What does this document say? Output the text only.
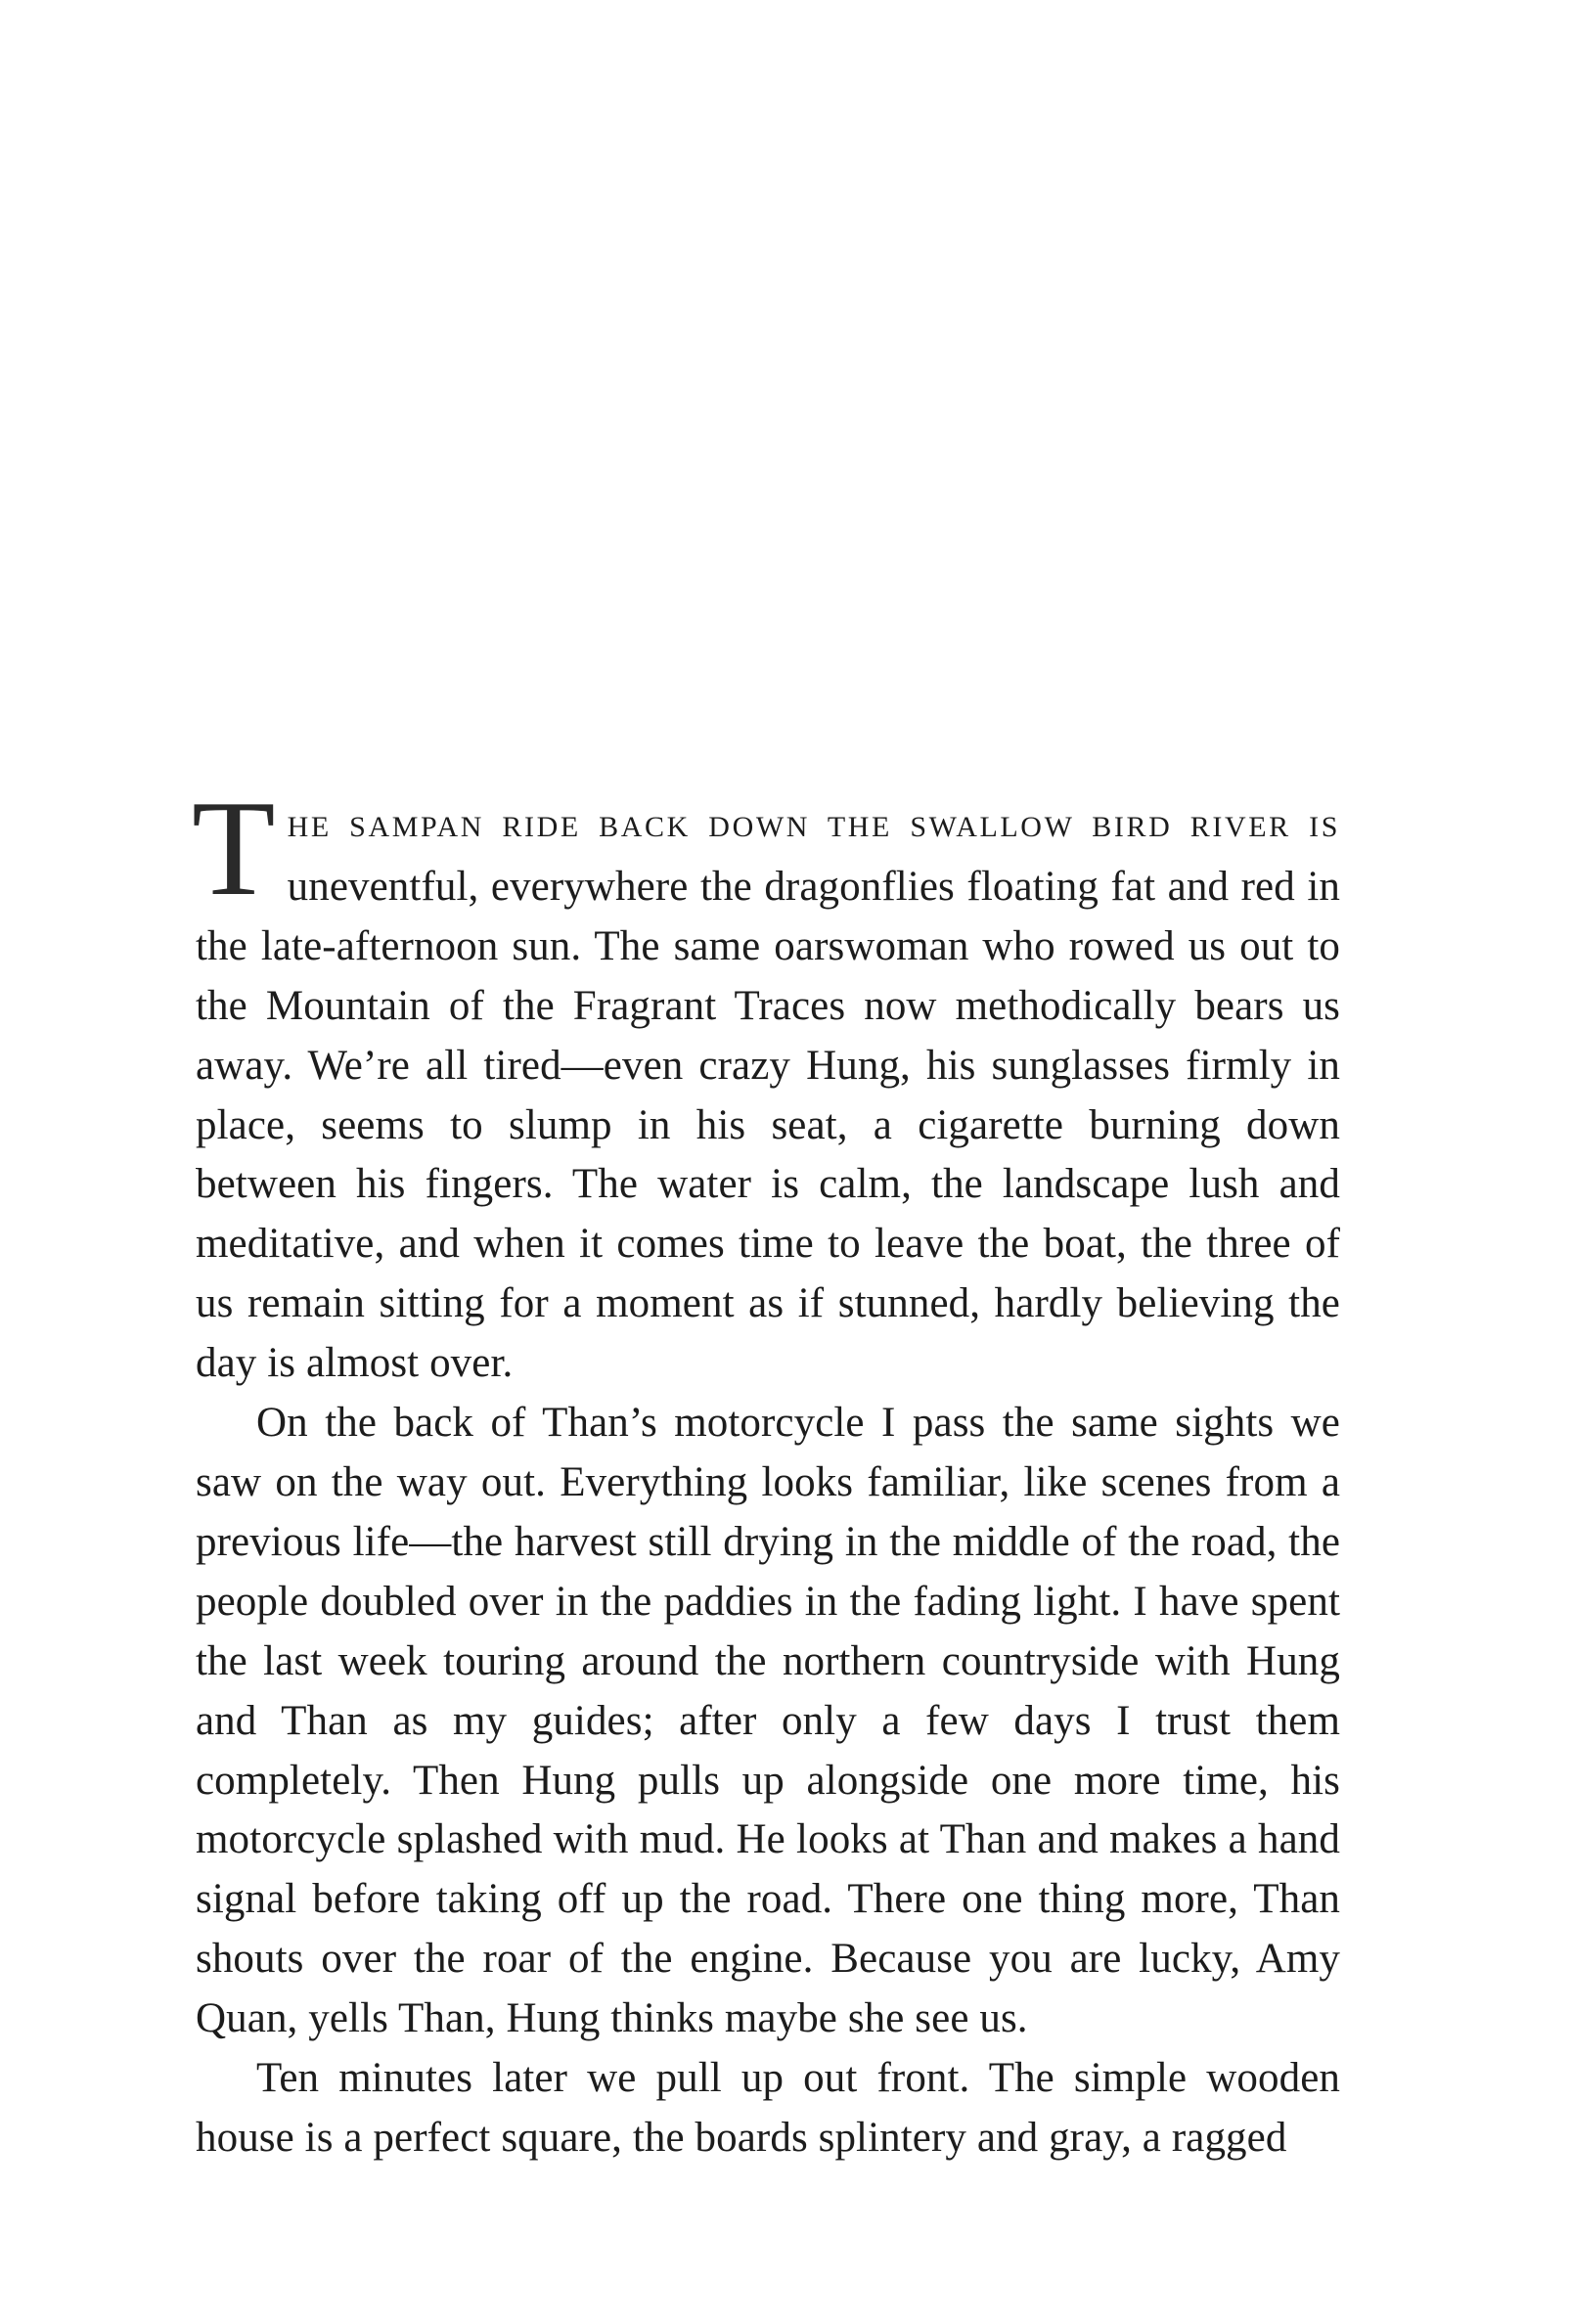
THE SAMPAN RIDE BACK DOWN THE SWALLOW BIRD RIVER IS uneventful, everywhere the dragonflies floating fat and red in the late-afternoon sun. The same oarswoman who rowed us out to the Mountain of the Fragrant Traces now methodically bears us away. We’re all tired—even crazy Hung, his sunglasses firmly in place, seems to slump in his seat, a cigarette burning down between his fingers. The water is calm, the landscape lush and meditative, and when it comes time to leave the boat, the three of us remain sitting for a moment as if stunned, hardly believing the day is almost over.

On the back of Than’s motorcycle I pass the same sights we saw on the way out. Everything looks familiar, like scenes from a previous life—the harvest still drying in the middle of the road, the people doubled over in the paddies in the fading light. I have spent the last week touring around the northern countryside with Hung and Than as my guides; after only a few days I trust them completely. Then Hung pulls up alongside one more time, his motorcycle splashed with mud. He looks at Than and makes a hand signal before taking off up the road. There one thing more, Than shouts over the roar of the engine. Because you are lucky, Amy Quan, yells Than, Hung thinks maybe she see us.

Ten minutes later we pull up out front. The simple wooden house is a perfect square, the boards splintery and gray, a ragged
